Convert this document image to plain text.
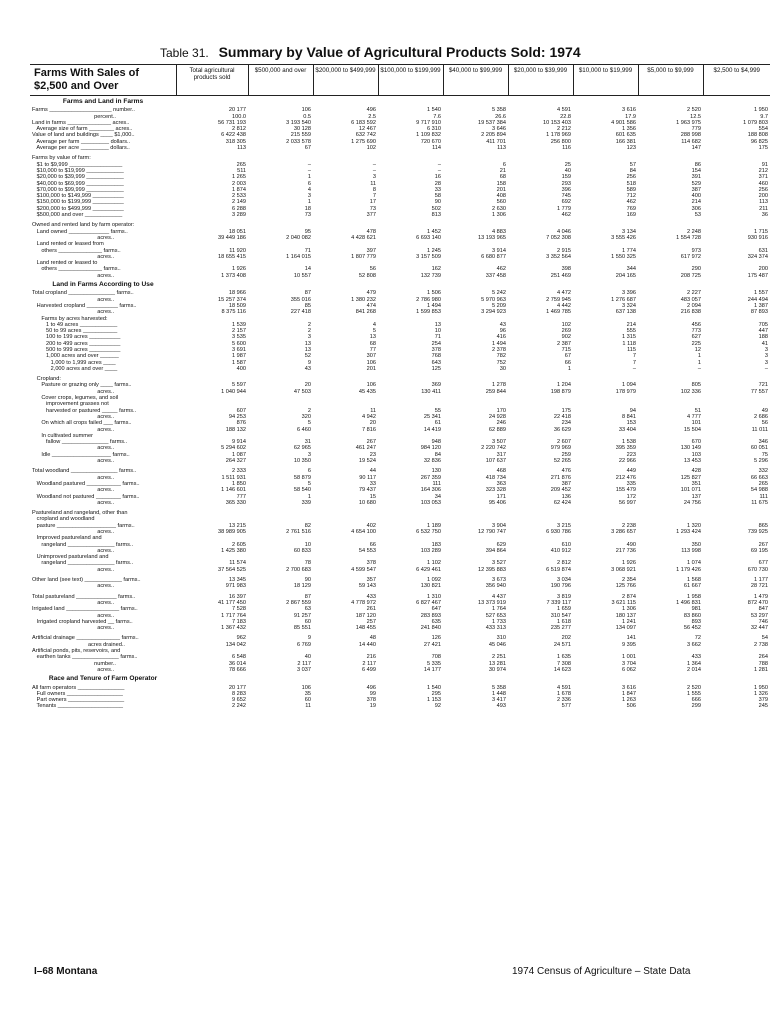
Table 31. Summary by Value of Agricultural Products Sold: 1974
Farms With Sales of $2,500 and Over	Total agricultural products sold	$500,000 and over	$200,000 to $499,999	$100,000 to $199,999	$40,000 to $99,999	$20,000 to $39,999	$10,000 to $19,999	$5,000 to $9,999	$2,500 to $4,999
Farms and Land in Farms									
Farms ____________________ number..	20 177	106	496	1 540	5 358	4 591	3 616	2 520	1 950
percent..	100.0	0.5	2.5	7.6	26.6	22.8	17.9	12.5	9.7
Land in farms ______________ acres..	56 731 193	3 193 540	6 183 592	9 717 910	19 537 384	10 153 403	4 901 586	1 963 975	1 079 803
Average size of farm ________ acres..	2 812	30 128	12 467	6 310	3 646	2 212	1 356	779	554
Value of land and buildings ____ $1,000..	6 422 438	215 559	632 742	1 109 832	2 205 894	1 178 969	601 635	288 998	188 808
Average per farm _________ dollars..	318 305	2 033 578	1 275 690	720 670	411 701	256 800	166 381	114 682	96 825
Average per acre _________ dollars..	113	67	102	114	113	116	123	147	175

Farms by value of farm:									
$1 to $9,999 _________________	265	–	–	–	6	25	57	86	91
$10,000 to $19,999 ____________	511	–	–	–	21	40	84	154	212
$20,000 to $39,999 ____________	1 265	1	3	16	68	159	256	391	371
$40,000 to $69,999 ____________	2 003	6	11	28	158	293	518	529	460
$70,000 to $99,999 ____________	1 874	4	8	33	201	396	589	387	256
$100,000 to $149,999 __________	2 533	3	7	58	408	745	712	400	200
$150,000 to $199,999 __________	2 149	1	17	90	560	692	462	214	113
$200,000 to $499,999 __________	6 288	18	73	502	2 630	1 779	769	306	211
$500,000 and over ____________	3 289	73	377	813	1 306	462	169	53	36

Owned and rented land by farm operator:									
Land owned _____________ farms..	18 051	95	478	1 452	4 883	4 046	3 134	2 248	1 715
acres..	39 449 186	2 040 082	4 428 621	6 693 140	13 193 965	7 052 308	3 555 426	1 554 728	930 916
Land rented or leased from									
others ______________ farms..	11 920	71	397	1 245	3 914	2 915	1 774	973	631
acres..	18 655 415	1 164 015	1 807 779	3 157 509	6 680 877	3 352 564	1 550 325	617 972	324 374
Land rented or leased to									
others ______________ farms..	1 926	14	56	162	462	398	344	290	200
acres..	1 373 408	10 557	52 808	132 739	337 458	251 469	204 165	208 725	175 487
Land in Farms According to Use									
Total cropland _______________ farms..	18 966	87	479	1 506	5 242	4 472	3 396	2 227	1 557
acres..	15 257 374	355 016	1 380 232	2 786 980	5 970 963	2 759 945	1 276 687	483 057	244 494
Harvested cropland __________ farms..	18 509	85	474	1 494	5 209	4 442	3 324	2 094	1 387
acres..	8 375 116	227 418	841 268	1 599 853	3 294 923	1 469 785	637 138	216 838	87 893
Farms by acres harvested:									
1 to 49 acres ____________	1 539	2	4	13	43	102	214	456	705
50 to 99 acres ___________	2 157	2	5	10	96	269	555	773	447
100 to 199 acres __________	3 535	3	13	71	416	902	1 315	627	188
200 to 499 acres __________	5 600	13	68	254	1 494	2 387	1 118	225	41
500 to 999 acres __________	3 691	13	77	378	2 378	715	115	12	3
1,000 acres and over ______	1 987	52	307	768	782	67	7	1	3
1,000 to 1,999 acres ____	1 587	9	106	643	752	66	7	1	3
2,000 acres and over ____	400	43	201	125	30	1	–	–	–

Cropland:									
Pasture or grazing only ____ farms..	5 597	20	106	369	1 278	1 204	1 094	805	721
acres..	1 040 944	47 503	45 435	130 411	259 844	198 879	178 979	102 336	77 557
Cover crops, legumes, and soil									
improvement grasses not									
harvested or pastured _____ farms..	607	2	11	55	170	175	94	51	49
acres..	94 253	320	4 942	25 341	24 928	22 418	8 841	4 777	2 686
On which all crops failed ___ farms..	876	5	20	61	246	234	153	101	56
acres..	188 132	6 460	7 816	14 419	62 889	36 629	33 404	15 504	11 011
In cultivated summer									
fallow _______________ farms..	9 914	31	267	948	3 507	2 607	1 538	670	346
acres..	5 294 602	62 965	461 247	984 120	2 220 742	979 969	395 359	130 149	60 051
Idle ___________________ farms..	1 087	3	23	84	317	259	223	103	75
acres..	264 327	10 350	19 524	32 836	107 637	52 265	22 966	13 453	5 296

Total woodland _______________ farms..	2 333	6	44	130	468	476	449	428	332
acres..	1 511 931	58 879	90 117	267 359	418 734	271 876	212 476	125 827	66 663
Woodland pastured ___________ farms..	1 850	5	33	111	363	387	335	351	265
acres..	1 146 601	58 540	79 437	164 306	323 328	209 452	155 479	101 071	54 988
Woodland not pastured ________ farms..	777	1	15	34	171	136	172	137	111
acres..	365 330	339	10 680	103 053	95 406	62 424	56 997	24 756	11 675

Pastureland and rangeland, other than									
cropland and woodland									
pasture ___________________ farms..	13 215	82	402	1 189	3 904	3 215	2 238	1 320	865
acres..	38 989 905	2 761 516	4 654 100	6 532 750	12 790 747	6 930 786	3 286 657	1 293 424	739 925
Improved pastureland and									
rangeland _______________ farms..	2 605	10	66	183	629	610	490	350	267
acres..	1 425 380	60 833	54 553	103 289	394 864	410 912	217 736	113 998	69 195
Unimproved pastureland and									
rangeland _______________ farms..	11 574	78	378	1 102	3 527	2 812	1 926	1 074	677
acres..	37 564 525	2 700 683	4 599 547	6 429 461	12 395 883	6 519 874	3 068 921	1 179 426	670 730

Other land (see text) ____________ farms..	13 345	90	357	1 092	3 673	3 034	2 354	1 568	1 177
acres..	971 983	18 129	59 143	130 821	356 940	190 796	125 766	61 667	28 721

Total pastureland _____________ farms..	16 397	87	433	1 310	4 437	3 819	2 874	1 958	1 479
acres..	41 177 450	2 867 559	4 778 972	6 827 467	13 373 919	7 339 117	3 621 115	1 496 831	872 470
Irrigated land _________________ farms..	7 528	63	261	647	1 764	1 659	1 306	981	847
acres..	1 717 764	91 257	187 120	283 893	527 653	310 547	180 137	83 860	53 297
Irrigated cropland harvested __ farms..	7 183	60	257	635	1 733	1 618	1 241	893	746
acres..	1 367 432	85 551	148 455	241 840	433 313	235 277	134 097	56 452	32 447

Artificial drainage ______________ farms..	962	9	48	126	310	202	141	72	54
acres drained..	134 042	6 769	14 440	27 421	45 046	24 571	9 395	3 662	2 738
Artificial ponds, pits, reservoirs, and									
earthen tanks _______________ farms..	6 548	40	216	708	2 251	1 635	1 001	433	264
number..	36 014	2 117	2 117	5 335	13 281	7 308	3 704	1 364	788
acres..	78 666	3 037	6 499	14 177	30 974	14 623	6 062	2 014	1 281
Race and Tenure of Farm Operator									
All farm operators _______________	20 177	106	496	1 540	5 358	4 591	3 616	2 520	1 950
Full owners __________________	8 283	35	99	295	1 448	1 678	1 847	1 555	1 326
Part owners __________________	9 652	60	378	1 153	3 417	2 336	1 263	666	379
Tenants _____________________	2 242	11	19	92	493	577	506	299	245
I–68 Montana	1974 Census of Agriculture – State Data
